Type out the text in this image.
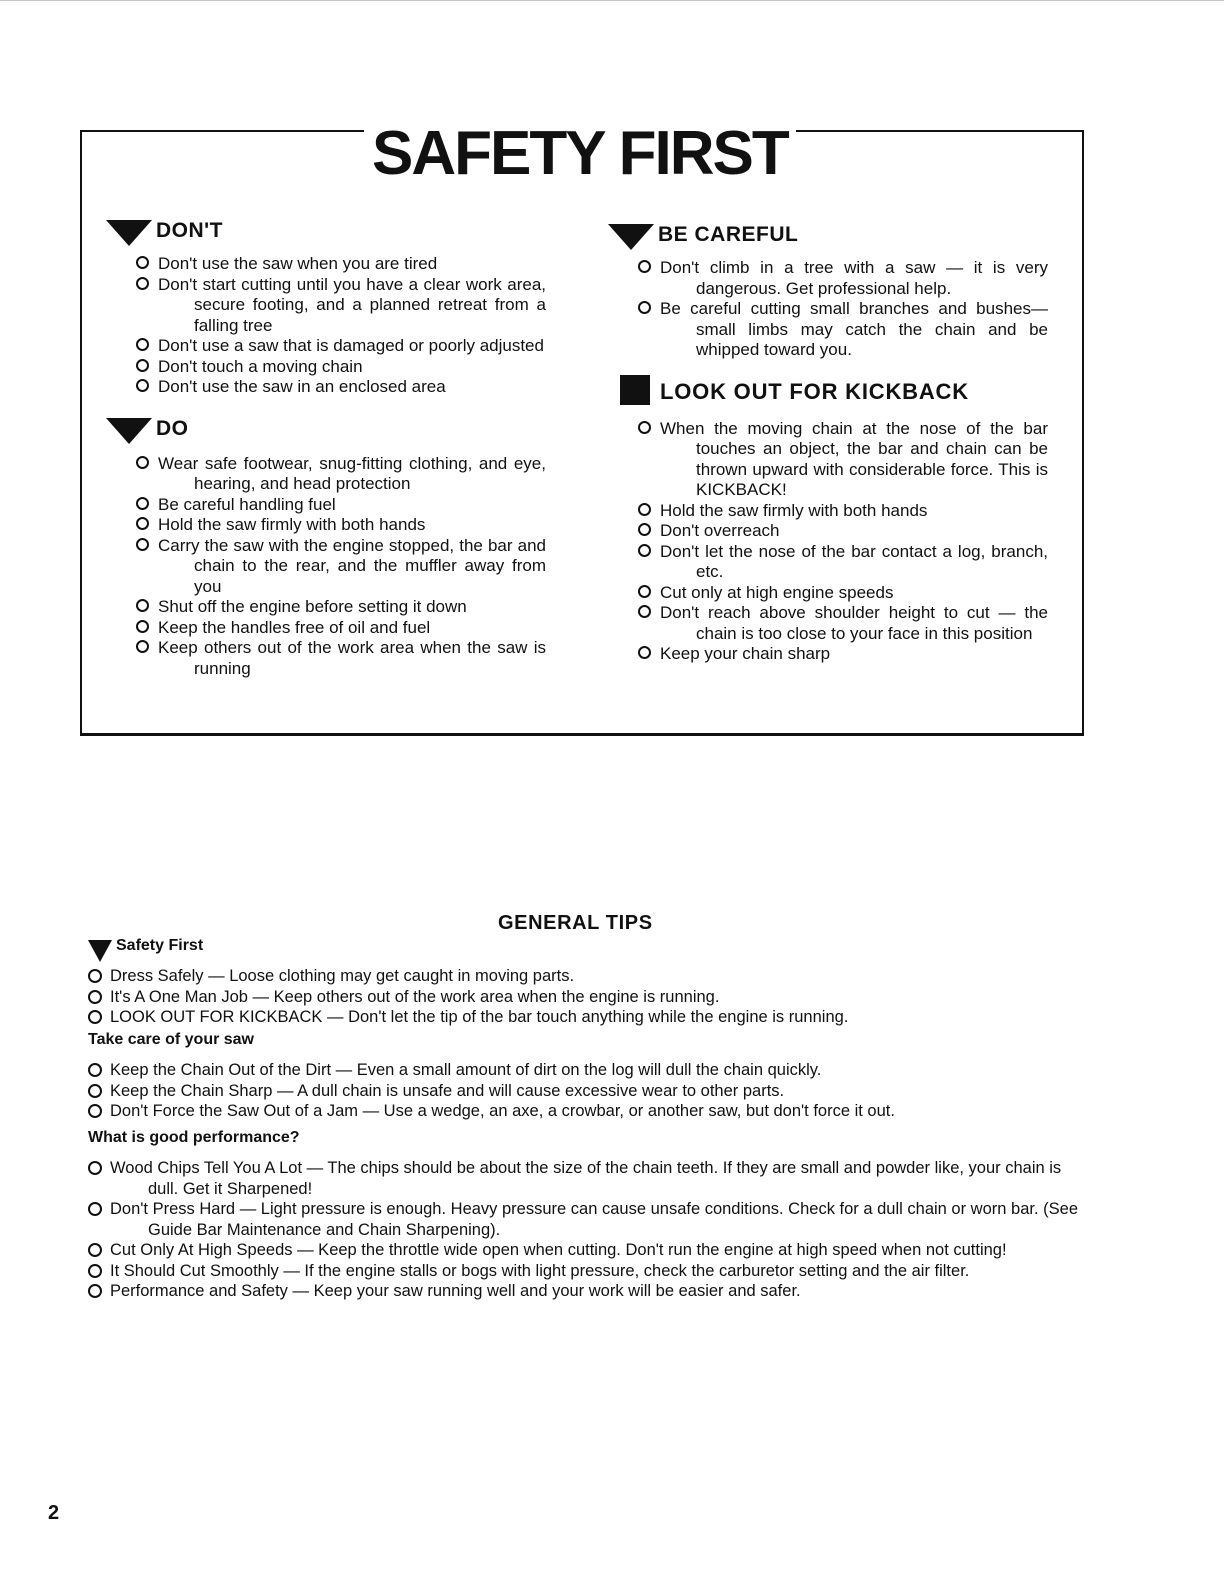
SAFETY FIRST
DON'T
Don't use the saw when you are tired
Don't start cutting until you have a clear work area, secure footing, and a planned retreat from a falling tree
Don't use a saw that is damaged or poorly adjusted
Don't touch a moving chain
Don't use the saw in an enclosed area
DO
Wear safe footwear, snug-fitting clothing, and eye, hearing, and head protection
Be careful handling fuel
Hold the saw firmly with both hands
Carry the saw with the engine stopped, the bar and chain to the rear, and the muffler away from you
Shut off the engine before setting it down
Keep the handles free of oil and fuel
Keep others out of the work area when the saw is running
BE CAREFUL
Don't climb in a tree with a saw — it is very dangerous. Get professional help.
Be careful cutting small branches and bushes— small limbs may catch the chain and be whipped toward you.
LOOK OUT FOR KICKBACK
When the moving chain at the nose of the bar touches an object, the bar and chain can be thrown upward with considerable force. This is KICKBACK!
Hold the saw firmly with both hands
Don't overreach
Don't let the nose of the bar contact a log, branch, etc.
Cut only at high engine speeds
Don't reach above shoulder height to cut — the chain is too close to your face in this position
Keep your chain sharp
GENERAL TIPS
Safety First
Dress Safely — Loose clothing may get caught in moving parts.
It's A One Man Job — Keep others out of the work area when the engine is running.
LOOK OUT FOR KICKBACK — Don't let the tip of the bar touch anything while the engine is running.
Take care of your saw
Keep the Chain Out of the Dirt — Even a small amount of dirt on the log will dull the chain quickly.
Keep the Chain Sharp — A dull chain is unsafe and will cause excessive wear to other parts.
Don't Force the Saw Out of a Jam — Use a wedge, an axe, a crowbar, or another saw, but don't force it out.
What is good performance?
Wood Chips Tell You A Lot — The chips should be about the size of the chain teeth. If they are small and powder like, your chain is dull. Get it Sharpened!
Don't Press Hard — Light pressure is enough. Heavy pressure can cause unsafe conditions. Check for a dull chain or worn bar. (See Guide Bar Maintenance and Chain Sharpening).
Cut Only At High Speeds — Keep the throttle wide open when cutting. Don't run the engine at high speed when not cutting!
It Should Cut Smoothly — If the engine stalls or bogs with light pressure, check the carburetor setting and the air filter.
Performance and Safety — Keep your saw running well and your work will be easier and safer.
2
